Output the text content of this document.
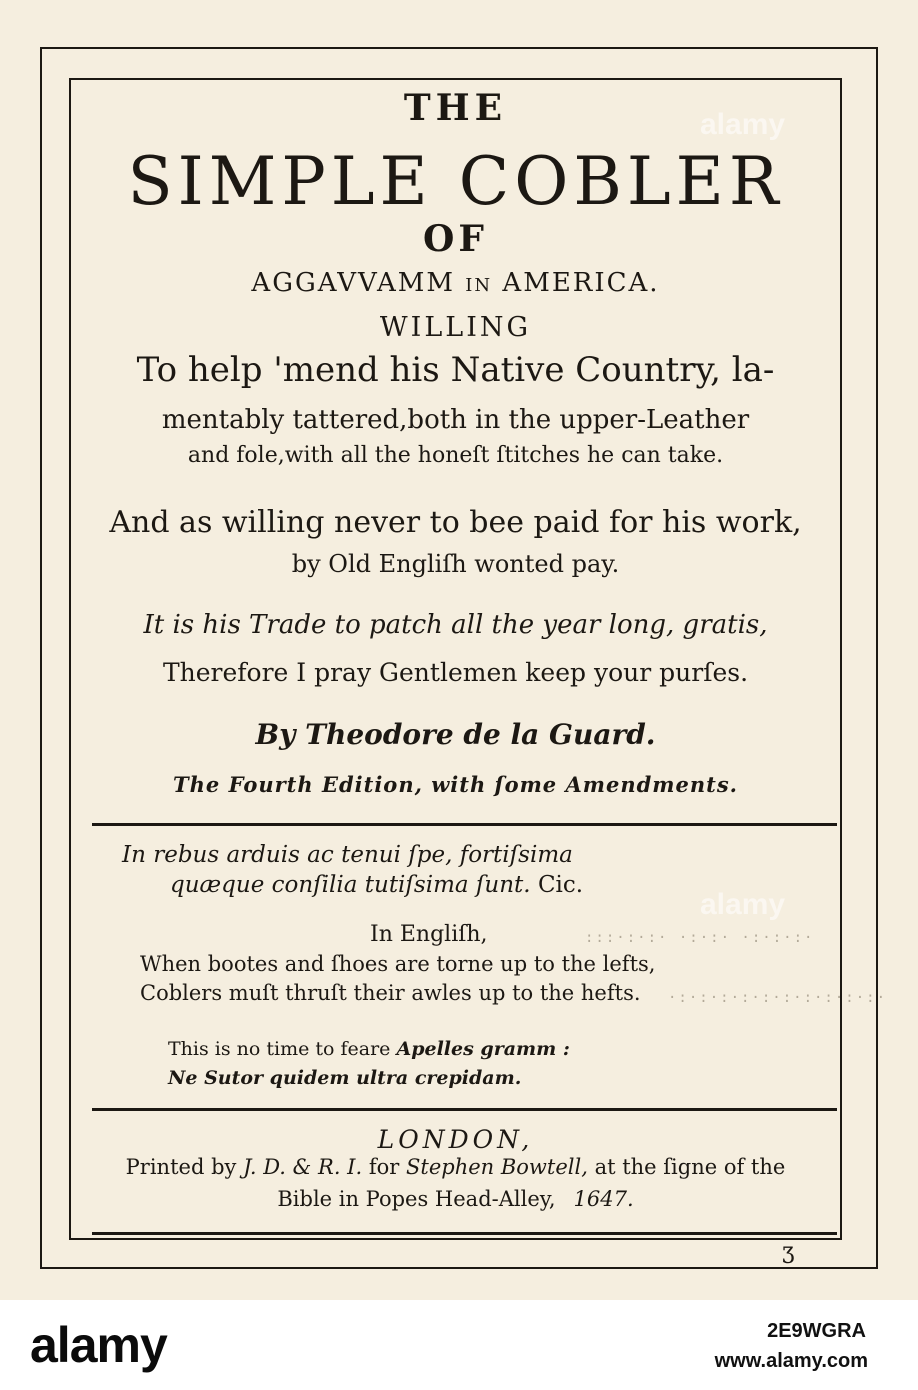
THE

SIMPLE COBLER

OF

AGGAVVAMM in AMERICA.

WILLING

To help 'mend his Native Country, la-

mentably tattered,both in the upper-Leather

and fole,with all the honeſt ſtitches he can take.

And as willing never to bee paid for his work,

by Old Engliſh wonted pay.

It is his Trade to patch all the year long, gratis,

Therefore I pray Gentlemen keep your purſes.

By Theodore de la Guard.

The Fourth Edition, with ſome Amendments.

In rebus arduis ac tenui ſpe, fortiſsima

quæque conſilia tutiſsima ſunt. Cic.

In Engliſh,

When bootes and ſhoes are torne up to the lefts,

Coblers muſt thruſt their awles up to the hefts.

This is no time to feare Apelles gramm :

Ne Sutor quidem ultra crepidam.

LONDON,

Printed by J. D. & R. I. for Stephen Bowtell, at the ſigne of the

Bible in Popes Head-Alley, 1647.

Ʒ
:::·:·:· ·:·:· ·:·:·:·
·:·:·:·:·:·:·:·:·:·:·
alamy
alamy
alamy	2E9WGRA
www.alamy.com
